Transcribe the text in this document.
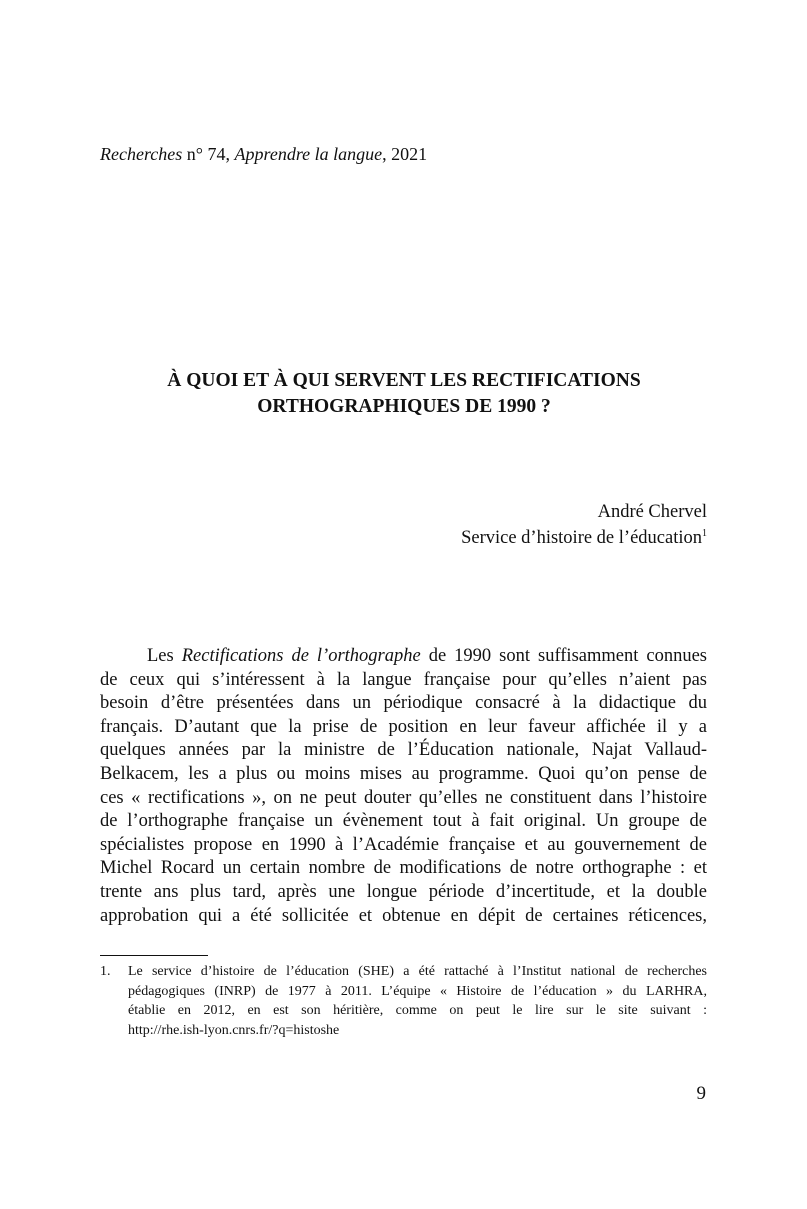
Recherches n° 74, Apprendre la langue, 2021
À QUOI ET À QUI SERVENT LES RECTIFICATIONS
ORTHOGRAPHIQUES DE 1990 ?
André Chervel
Service d’histoire de l’éducation$^1$
Les Rectifications de l’orthographe de 1990 sont suffisamment connues
de ceux qui s’intéressent à la langue française pour qu’elles n’aient pas
besoin d’être présentées dans un périodique consacré à la didactique du
français. D’autant que la prise de position en leur faveur affichée il y a
quelques années par la ministre de l’Éducation nationale, Najat Vallaud-
Belkacem, les a plus ou moins mises au programme. Quoi qu’on pense de
ces « rectifications », on ne peut douter qu’elles ne constituent dans l’histoire
de l’orthographe française un évènement tout à fait original. Un groupe de
spécialistes propose en 1990 à l’Académie française et au gouvernement de
Michel Rocard un certain nombre de modifications de notre orthographe : et
trente ans plus tard, après une longue période d’incertitude, et la double
approbation qui a été sollicitée et obtenue en dépit de certaines réticences,
1. Le service d’histoire de l’éducation (SHE) a été rattaché à l’Institut national de recherches
pédagogiques (INRP) de 1977 à 2011. L’équipe « Histoire de l’éducation » du LARHRA,
établie en 2012, en est son héritière, comme on peut le lire sur le site suivant :
http://rhe.ish-lyon.cnrs.fr/?q=histoshe
9
